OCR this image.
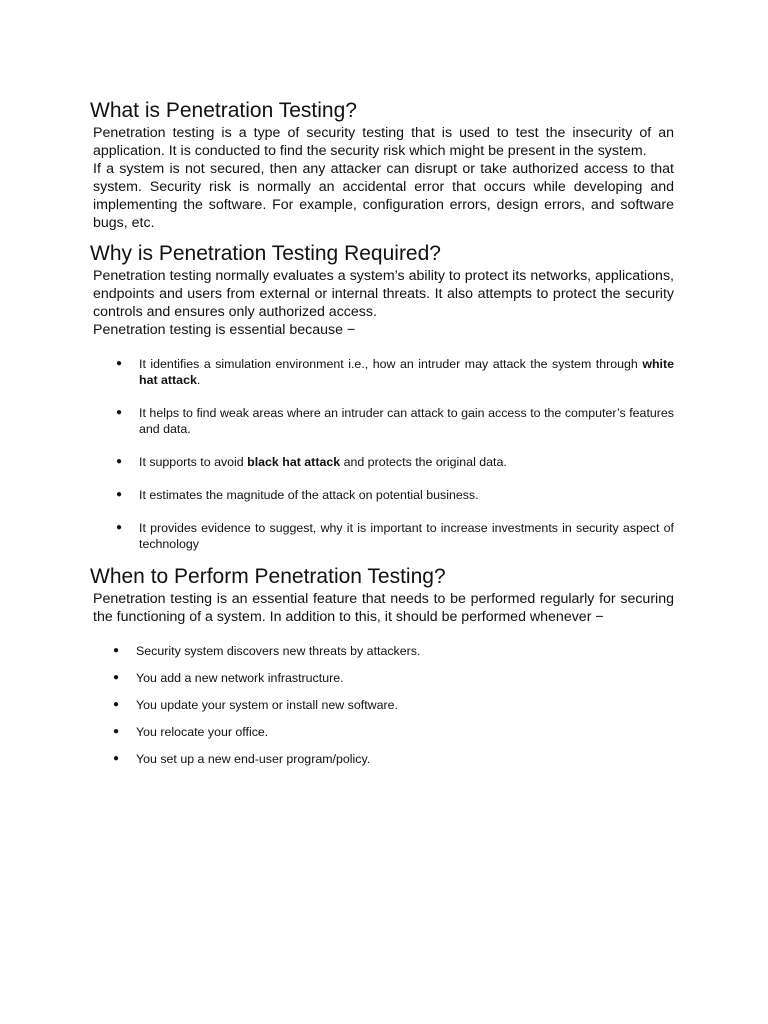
What is Penetration Testing?

Penetration testing is a type of security testing that is used to test the insecurity of an application. It is conducted to find the security risk which might be present in the system.

If a system is not secured, then any attacker can disrupt or take authorized access to that system. Security risk is normally an accidental error that occurs while developing and implementing the software. For example, configuration errors, design errors, and software bugs, etc.

Why is Penetration Testing Required?

Penetration testing normally evaluates a system’s ability to protect its networks, applications, endpoints and users from external or internal threats. It also attempts to protect the security controls and ensures only authorized access.

Penetration testing is essential because −

● It identifies a simulation environment i.e., how an intruder may attack the system through white hat attack.
● It helps to find weak areas where an intruder can attack to gain access to the computer’s features and data.
● It supports to avoid black hat attack and protects the original data.
● It estimates the magnitude of the attack on potential business.
● It provides evidence to suggest, why it is important to increase investments in security aspect of technology
When to Perform Penetration Testing?

Penetration testing is an essential feature that needs to be performed regularly for securing the functioning of a system. In addition to this, it should be performed whenever −

● Security system discovers new threats by attackers.
● You add a new network infrastructure.
● You update your system or install new software.
● You relocate your office.
● You set up a new end-user program/policy.
